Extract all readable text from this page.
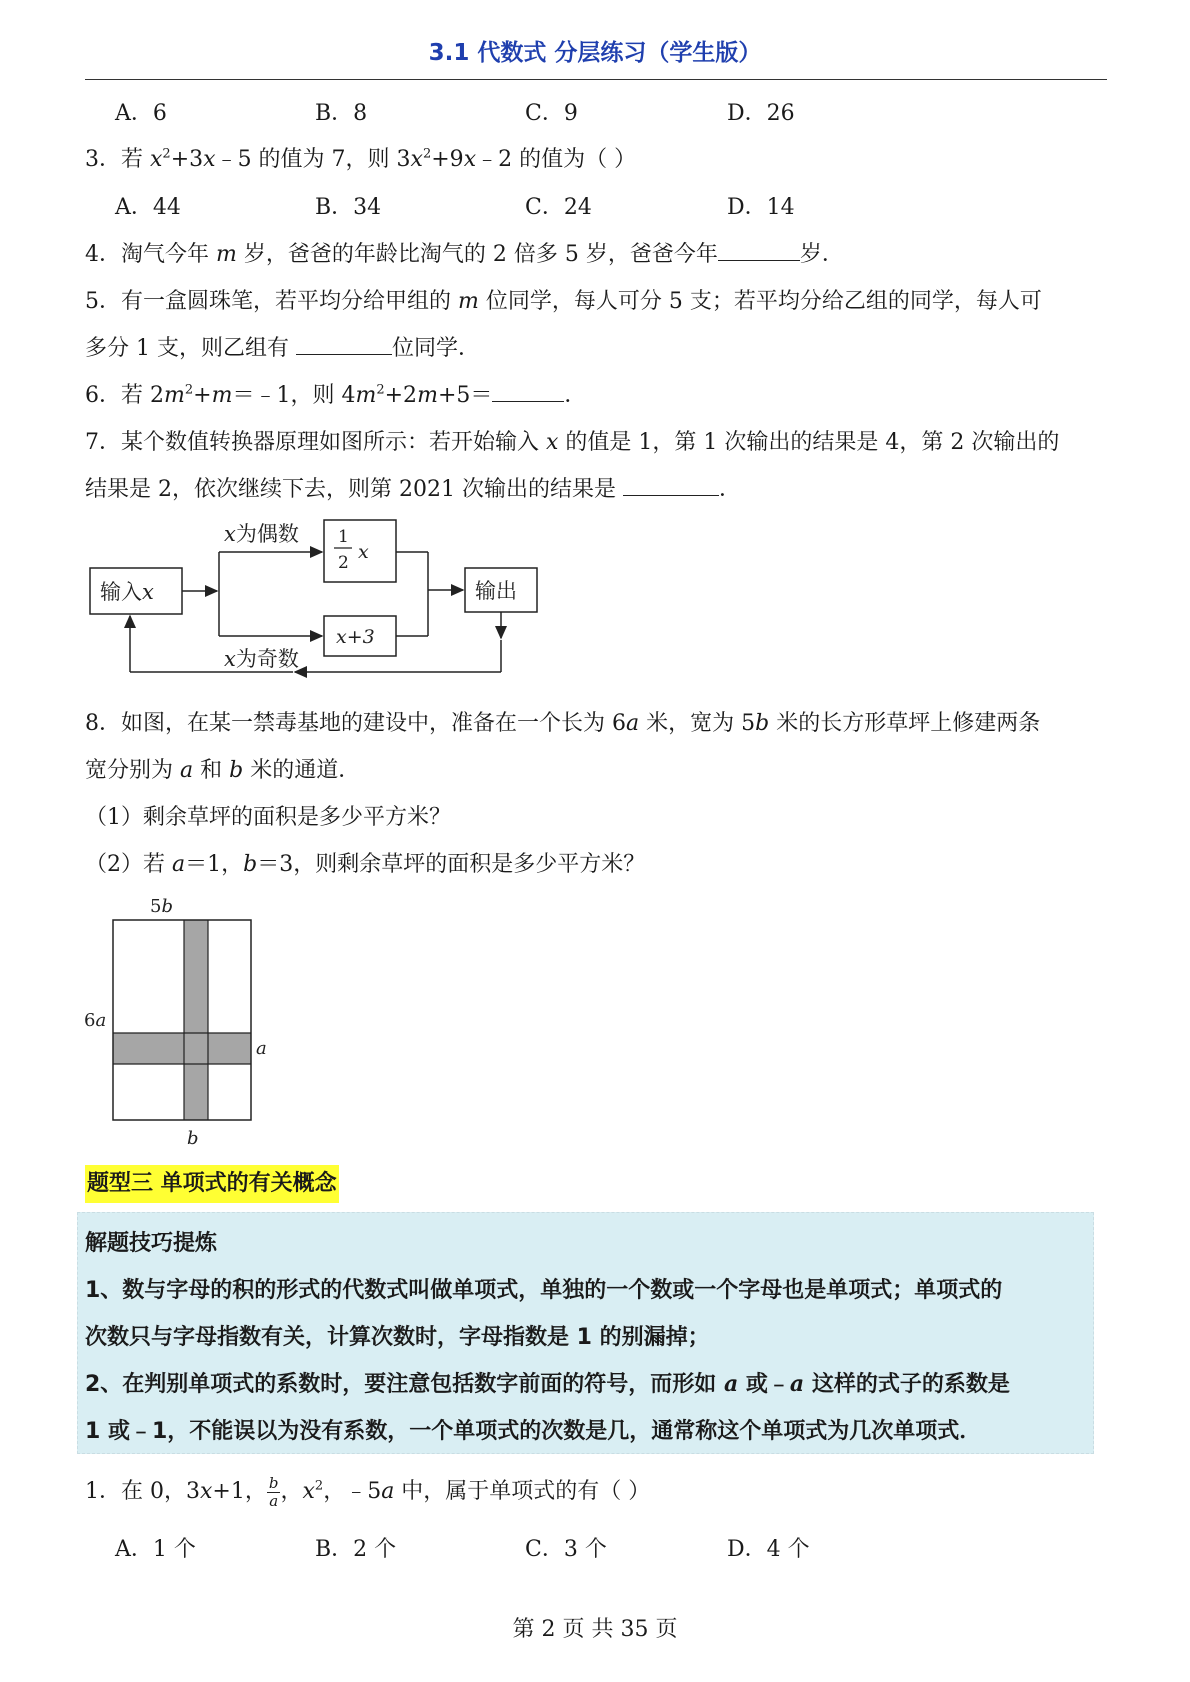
3.1 代数式 分层练习（学生版）
A．6	B．8	C．9	D．26
3．若 $x^2+3x﹣5$ 的值为 7，则 $3x^2+9x﹣2$ 的值为（ ）
A．44	B．34	C．24	D．14
4．淘气今年 m 岁，爸爸的年龄比淘气的 2 倍多 5 岁，爸爸今年	岁．
5．有一盒圆珠笔，若平均分给甲组的 m 位同学，每人可分 5 支；若平均分给乙组的同学，每人可
多分 1 支，则乙组有	位同学．
6．若 $2m^2+m=﹣1$，则 $4m^2+2m+5=$	．
7．某个数值转换器原理如图所示：若开始输入 x 的值是 1，第 1 次输出的结果是 4，第 2 次输出的
结果是 2，依次继续下去，则第 2021 次输出的结果是	．
输入x
x为偶数
x为奇数
输出
1
2 x
x+3
8．如图，在某一禁毒基地的建设中，准备在一个长为 6a 米，宽为 5b 米的长方形草坪上修建两条
宽分别为 a 和 b 米的通道．
（1）剩余草坪的面积是多少平方米？
（2）若 a＝1，b＝3，则剩余草坪的面积是多少平方米？
5b
6a
a
b
题型三 单项式的有关概念
解题技巧提炼
1、数与字母的积的形式的代数式叫做单项式，单独的一个数或一个字母也是单项式；单项式的
次数只与字母指数有关，计算次数时，字母指数是 1 的别漏掉；
2、在判别单项式的系数时，要注意包括数字前面的符号，而形如 a 或﹣a 这样的式子的系数是
1 或﹣1，不能误以为没有系数，一个单项式的次数是几，通常称这个单项式为几次单项式．
1．在 0，3x+1， $\frac{b}{a}$ ，$x^2$，﹣5a 中，属于单项式的有（ ）
A．1 个	B．2 个	C．3 个	D．4 个
第 2 页 共 35 页
